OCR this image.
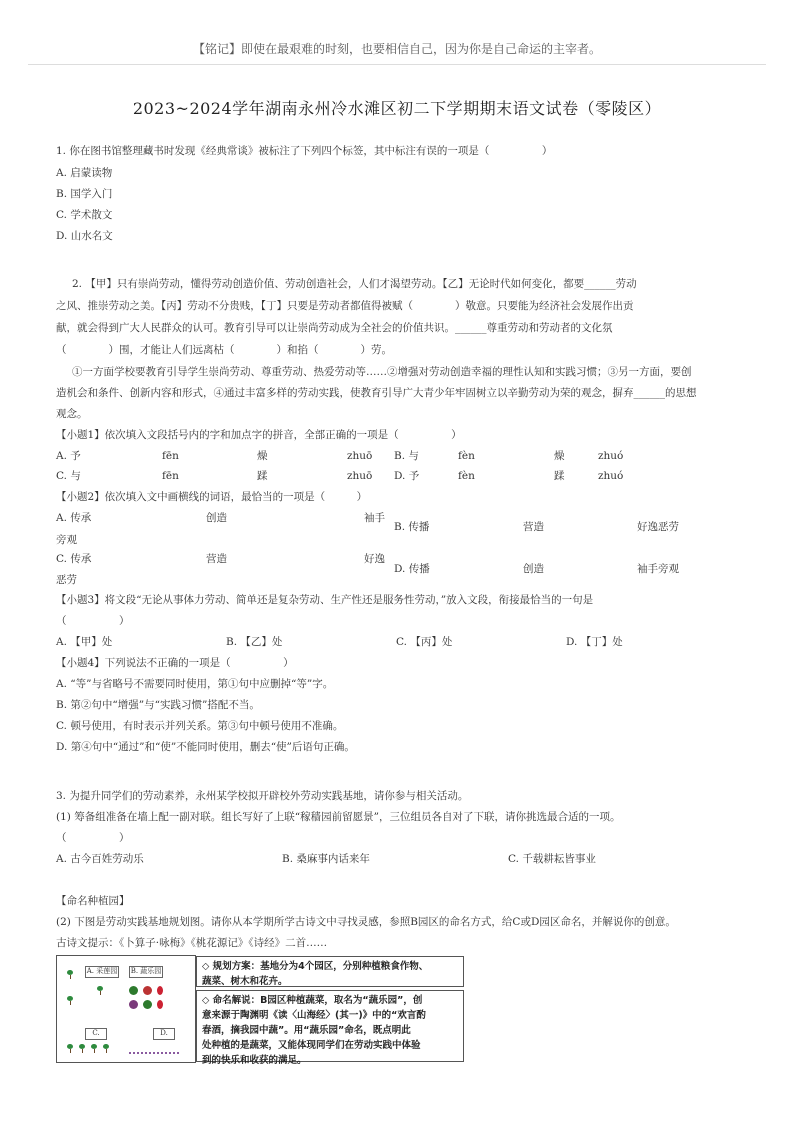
【铭记】即使在最艰难的时刻，也要相信自己，因为你是自己命运的主宰者。
2023~2024学年湖南永州冷水滩区初二下学期期末语文试卷（零陵区）
1. 你在图书馆整理藏书时发现《经典常谈》被标注了下列四个标签，其中标注有误的一项是（　　　　　）
A. 启蒙读物
B. 国学入门
C. 学术散文
D. 山水名文
2. 【甲】只有崇尚劳动，懂得劳动创造价值、劳动创造社会，人们才渴望劳动。【乙】无论时代如何变化，都要______劳动
之风、推崇劳动之美。【丙】劳动不分贵贱，【丁】只要是劳动者都值得被赋（　　　　）敬意。只要能为经济社会发展作出贡
献，就会得到广大人民群众的认可。教育引导可以让崇尚劳动成为全社会的价值共识。______尊重劳动和劳动者的文化氛
（　　　　）围，才能让人们远离枯（　　　　）和掐（　　　　）劳。
①一方面学校要教育引导学生崇尚劳动、尊重劳动、热爱劳动等……②增强对劳动创造幸福的理性认知和实践习惯；③另一方面，要创
造机会和条件、创新内容和形式，④通过丰富多样的劳动实践，使教育引导广大青少年牢固树立以辛勤劳动为荣的观念，摒弃______的思想
观念。
【小题1】依次填入文段括号内的字和加点字的拼音，全部正确的一项是（　　　　　）
A. 予	fēn	燥	zhuō B. 与	fèn	燥	zhuó
C. 与	fēn	蹂	zhuō D. 予	fèn	蹂	zhuó
【小题2】依次填入文中画横线的词语，最恰当的一项是（　　　）
A. 传承	创造	袖手
旁观
B. 传播	营造	好逸恶劳
C. 传承	营造	好逸
恶劳
D. 传播	创造	袖手旁观
【小题3】将文段“无论从事体力劳动、简单还是复杂劳动、生产性还是服务性劳动，”放入文段，衔接最恰当的一句是
（　　　　　）
A. 【甲】处	B. 【乙】处	C. 【丙】处	D. 【丁】处
【小题4】下列说法不正确的一项是（　　　　　）
A. “等”与省略号不需要同时使用，第①句中应删掉“等”字。
B. 第②句中“增强”与“实践习惯”搭配不当。
C. 顿号使用，有时表示并列关系。第③句中顿号使用不准确。
D. 第④句中“通过”和“使”不能同时使用，删去“使”后语句正确。
3. 为提升同学们的劳动素养，永州某学校拟开辟校外劳动实践基地，请你参与相关活动。
(1) 筹备组准备在墙上配一副对联。组长写好了上联“稼穑园前留愿景”，三位组员各自对了下联，请你挑选最合适的一项。
（　　　　　）
A. 古今百姓劳动乐	B. 桑麻事内话来年	C. 千载耕耘皆事业
【命名种植园】
(2) 下图是劳动实践基地规划图。请你从本学期所学古诗文中寻找灵感，参照B园区的命名方式，给C或D园区命名，并解说你的创意。
古诗文提示：《卜算子·咏梅》《桃花源记》《诗经》二首……
A. 采莲园 B. 蔬乐园
C.	D.
◇ 规划方案：基地分为4个园区，分别种植粮食作物、
蔬菜、树木和花卉。
◇ 命名解说：B园区种植蔬菜，取名为“蔬乐园”，创
意来源于陶渊明《读〈山海经〉(其一)》中的“欢言酌
春酒，摘我园中蔬”。用“蔬乐园”命名，既点明此
处种植的是蔬菜，又能体现同学们在劳动实践中体验
到的快乐和收获的满足。
